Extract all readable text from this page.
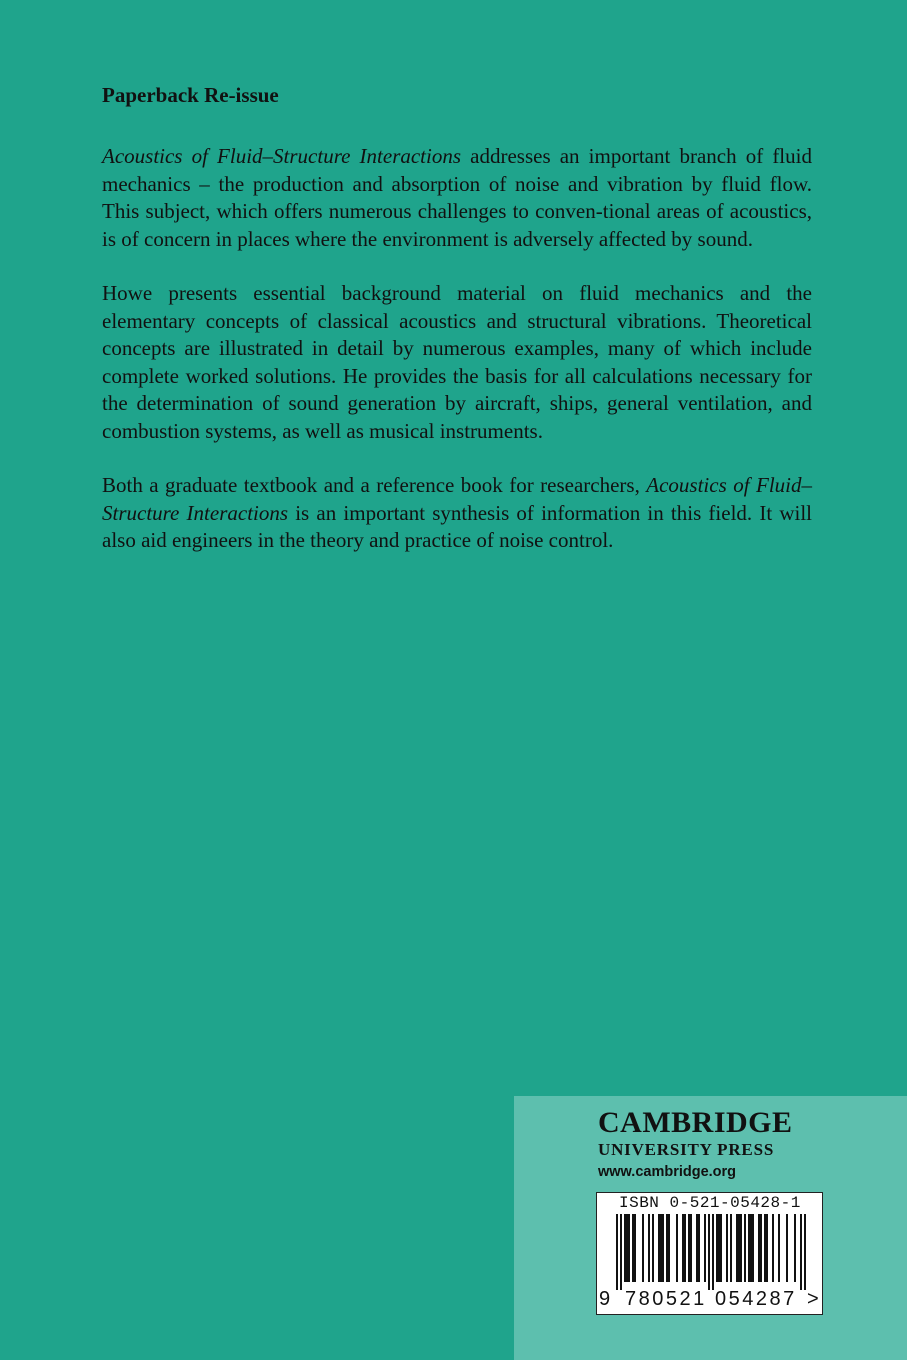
Paperback Re-issue

Acoustics of Fluid–Structure Interactions addresses an important branch of fluid mechanics – the production and absorption of noise and vibration by fluid flow. This subject, which offers numerous challenges to conven-tional areas of acoustics, is of concern in places where the environment is adversely affected by sound.

Howe presents essential background material on fluid mechanics and the elementary concepts of classical acoustics and structural vibrations. Theoretical concepts are illustrated in detail by numerous examples, many of which include complete worked solutions. He provides the basis for all calculations necessary for the determination of sound generation by aircraft, ships, general ventilation, and combustion systems, as well as musical instruments.

Both a graduate textbook and a reference book for researchers, Acoustics of Fluid–Structure Interactions is an important synthesis of information in this field. It will also aid engineers in the theory and practice of noise control.

CAMBRIDGE
UNIVERSITY PRESS
www.cambridge.org
ISBN 0-521-05428-1
9 780521 054287 >
